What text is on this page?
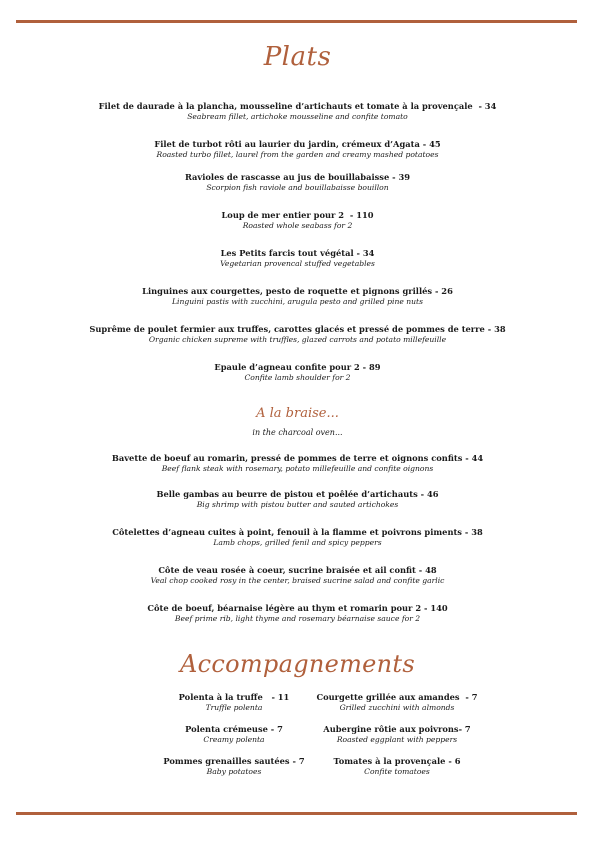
Plats
Filet de daurade à la plancha, mousseline d’artichauts et tomate à la provençale  - 34
Seabream fillet, artichoke mousseline and confite tomato
Filet de turbot rôti au laurier du jardin, crémeux d’Agata - 45
Roasted turbo fillet, laurel from the garden and creamy mashed potatoes
Ravioles de rascasse au jus de bouillabaisse - 39
Scorpion fish raviole and bouillabaisse bouillon
Loup de mer entier pour 2  - 110
Roasted whole seabass for 2
Les Petits farcis tout végétal - 34
Vegetarian provencal stuffed vegetables
Linguines aux courgettes, pesto de roquette et pignons grillés - 26
Linguini pastis with zucchini, arugula pesto and grilled pine nuts
Suprême de poulet fermier aux truffes, carottes glacés et pressé de pommes de terre - 38
Organic chicken supreme with truffles, glazed carrots and potato millefeuille
Epaule d’agneau confite pour 2 - 89
Confite lamb shoulder for 2
A la braise...
in the charcoal oven...
Bavette de boeuf au romarin, pressé de pommes de terre et oignons confits - 44
Beef flank steak with rosemary, potato millefeuille and confite oignons
Belle gambas au beurre de pistou et poêlée d’artichauts - 46
Big shrimp with pistou butter and sauted artichokes
Côtelettes d’agneau cuites à point, fenouil à la flamme et poivrons piments - 38
Lamb chops, grilled fenil and spicy peppers
Côte de veau rosée à coeur, sucrine braisée et ail confit - 48
Veal chop cooked rosy in the center, braised sucrine salad and confite garlic
Côte de boeuf, béarnaise légère au thym et romarin pour 2 - 140
Beef prime rib, light thyme and rosemary béarnaise sauce for 2
Accompagnements
Polenta à la truffe   - 11
Truffle polenta
Polenta crémeuse - 7
Creamy polenta
Pommes grenailles sautées - 7
Baby potatoes
Courgette grillée aux amandes  - 7
Grilled zucchini with almonds
Aubergine rôtie aux poivrons- 7
Roasted eggplant with peppers
Tomates à la provençale - 6
Confite tomatoes
